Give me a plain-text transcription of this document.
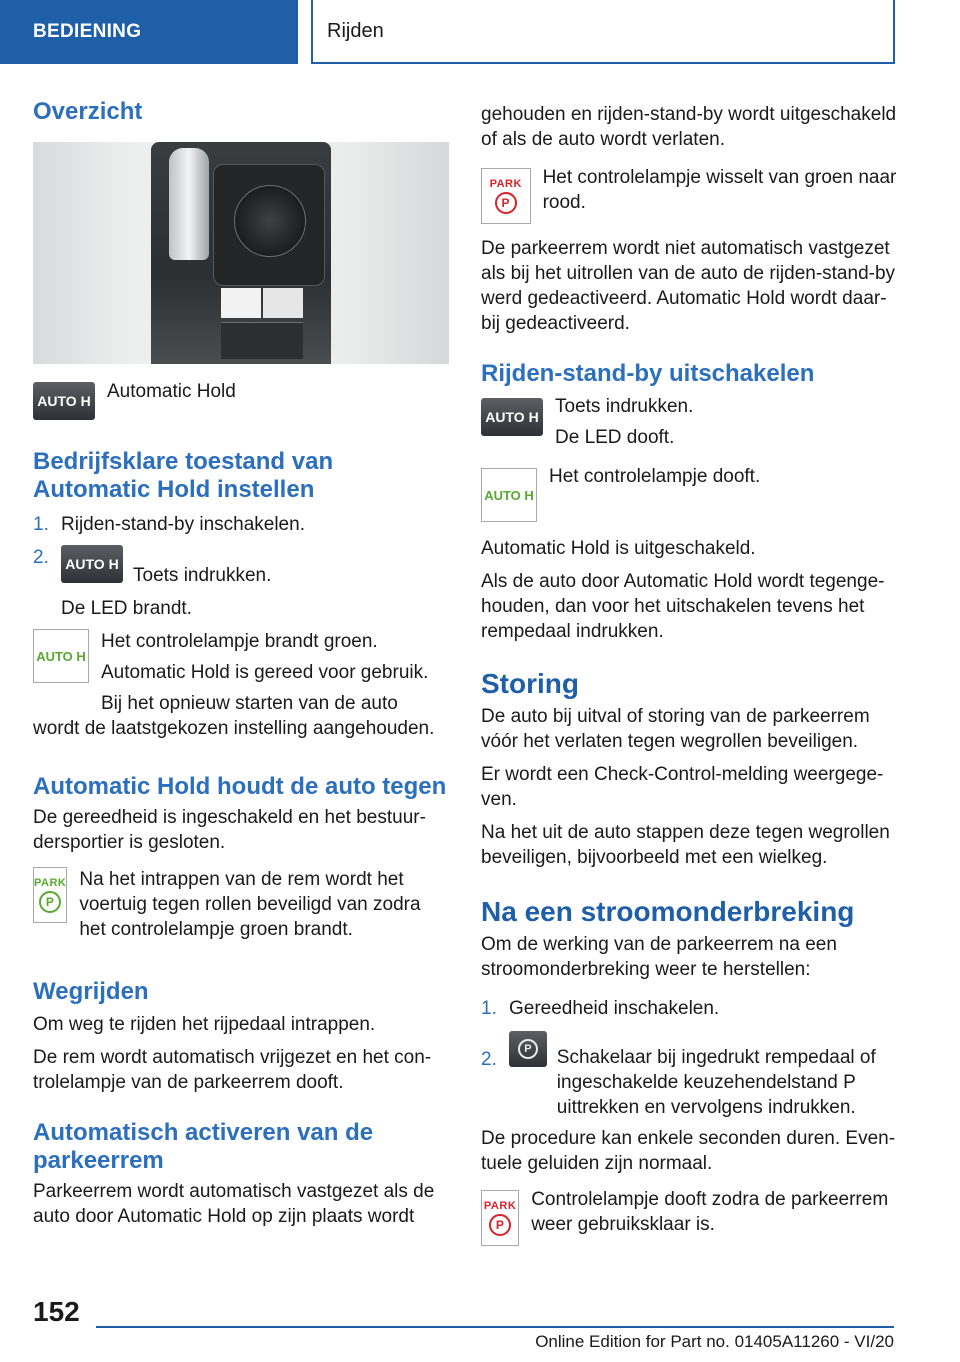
BEDIENING	Rijden
Overzicht
AUTO H Automatic Hold

Bedrijfsklare toestand van Automatic Hold instellen
1. Rijden-stand-by inschakelen.

2.	AUTO H

Toets indrukken.

De LED brandt.

AUTO H

Het controlelampje brandt groen.

Automatic Hold is gereed voor gebruik.

Bij het opnieuw starten van de auto

wordt de laatstgekozen instelling aangehouden.

Automatic Hold houdt de auto tegen

De gereedheid is ingeschakeld en het bestuurdersportier is gesloten.

PARK
P

Na het intrappen van de rem wordt het voertuig tegen rollen beveiligd van zodra het controlelampje groen brandt.

Wegrijden

Om weg te rijden het rijpedaal intrappen.

De rem wordt automatisch vrijgezet en het controlelampje van de parkeerrem dooft.

Automatisch activeren van de parkeerrem

Parkeerrem wordt automatisch vastgezet als de auto door Automatic Hold op zijn plaats wordt

gehouden en rijden-stand-by wordt uitgeschakeld of als de auto wordt verlaten.

PARK
P

Het controlelampje wisselt van groen naar rood.

De parkeerrem wordt niet automatisch vastgezet als bij het uitrollen van de auto de rijden-stand-by werd gedeactiveerd. Automatic Hold wordt daarbij gedeactiveerd.

Rijden-stand-by uitschakelen
AUTO H Toets indrukken.

De LED dooft.

AUTO H

Het controlelampje dooft.

Automatic Hold is uitgeschakeld.

Als de auto door Automatic Hold wordt tegengehouden, dan voor het uitschakelen tevens het rempedaal indrukken.

Storing

De auto bij uitval of storing van de parkeerrem vóór het verlaten tegen wegrollen beveiligen.

Er wordt een Check-Control-melding weergegeven.

Na het uit de auto stappen deze tegen wegrollen beveiligen, bijvoorbeeld met een wielkeg.

Na een stroomonderbreking

Om de werking van de parkeerrem na een stroomonderbreking weer te herstellen:

1. Gereedheid inschakelen.

2.	P	Schakelaar bij ingedrukt rempedaal of ingeschakelde keuzehendelstand P uittrekken en vervolgens indrukken.

De procedure kan enkele seconden duren. Eventuele geluiden zijn normaal.

PARK
P

Controlelampje dooft zodra de parkeerrem weer gebruiksklaar is.

152
Online Edition for Part no. 01405A11260 - VI/20
